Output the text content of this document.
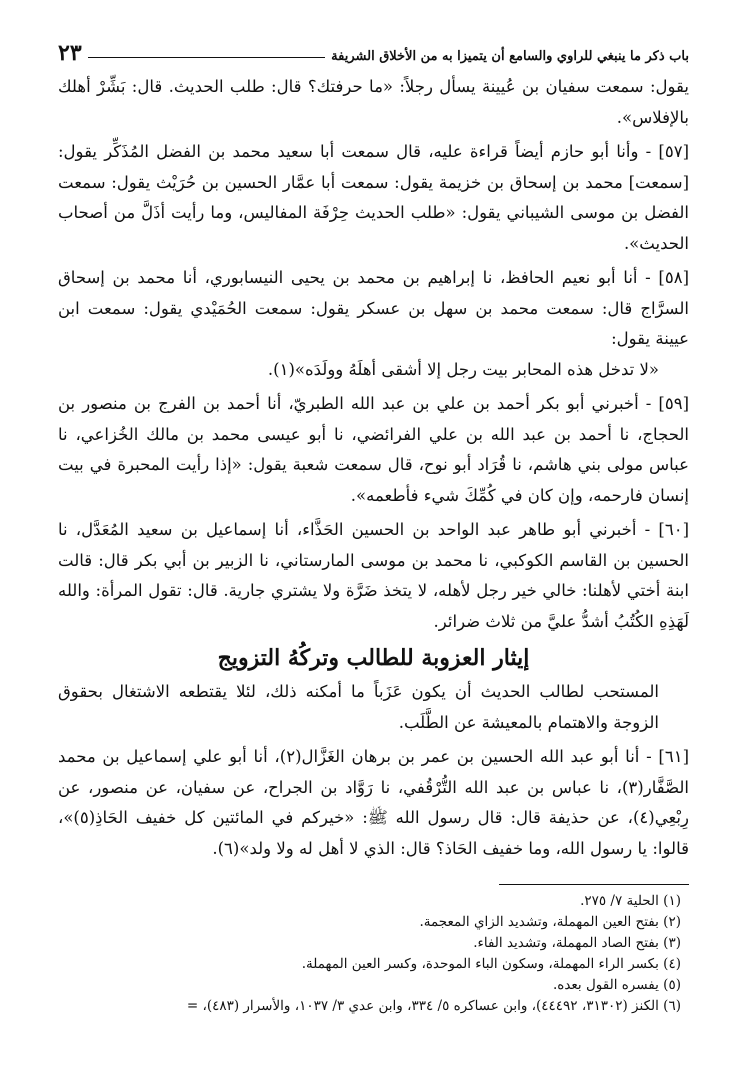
باب ذكر ما ينبغي للراوي والسامع أن يتميزا به من الأخلاق الشريفة
٢٣

يقول: سمعت سفيان بن عُيينة يسأل رجلاً: «ما حرفتك؟ قال: طلب الحديث. قال: بَشِّرْ أهلك بالإفلاس».

[٥٧] - وأنا أبو حازم أيضاً قراءة عليه، قال سمعت أبا سعيد محمد بن الفضل المُذَكِّر يقول: [سمعت] محمد بن إسحاق بن خزيمة يقول: سمعت أبا عمَّار الحسين بن حُرَيْث يقول: سمعت الفضل بن موسى الشيباني يقول: «طلب الحديث حِرْفَة المفاليس، وما رأيت أذَلَّ من أصحاب الحديث».

[٥٨] - أنا أبو نعيم الحافظ، نا إبراهيم بن محمد بن يحيى النيسابوري، أنا محمد بن إسحاق السرَّاج قال: سمعت محمد بن سهل بن عسكر يقول: سمعت الحُمَيْدي يقول: سمعت ابن عيينة يقول:

«لا تدخل هذه المحابر بيت رجل إلا أشقى أهلَهُ وولَدَه»(١).

[٥٩] - أخبرني أبو بكر أحمد بن علي بن عبد الله الطبريّ، أنا أحمد بن الفرج بن منصور بن الحجاج، نا أحمد بن عبد الله بن علي الفرائضي، نا أبو عيسى محمد بن مالك الخُزاعي، نا عباس مولى بني هاشم، نا قُرَاد أبو نوح، قال سمعت شعبة يقول: «إذا رأيت المحبرة في بيت إنسان فارحمه، وإن كان في كُمِّكَ شيء فأطعمه».

[٦٠] - أخبرني أبو طاهر عبد الواحد بن الحسين الحَذَّاء، أنا إسماعيل بن سعيد المُعَدَّل، نا الحسين بن القاسم الكوكبي، نا محمد بن موسى المارستاني، نا الزبير بن أبي بكر قال: قالت ابنة أختي لأهلنا: خالي خير رجل لأهله، لا يتخذ ضَرَّة ولا يشتري جارية. قال: تقول المرأة: والله لَهَذِهِ الكُتُبُ أشدُّ عليَّ من ثلاث ضرائر.

إيثار العزوبة للطالب وتركُهُ التزويج

المستحب لطالب الحديث أن يكون عَزَباً ما أمكنه ذلك، لئلا يقتطعه الاشتغال بحقوق الزوجة والاهتمام بالمعيشة عن الطَّلَب.

[٦١] - أنا أبو عبد الله الحسين بن عمر بن برهان الغَزَّال(٢)، أنا أبو علي إسماعيل بن محمد الصَّفَّار(٣)، نا عباس بن عبد الله التُّرْقُفي، نا رَوَّاد بن الجراح، عن سفيان، عن منصور، عن رِبْعِي(٤)، عن حذيفة قال: قال رسول الله ﷺ: «خيركم في المائتين كل خفيف الحَاذِ(٥)»، قالوا: يا رسول الله، وما خفيف الحَاذ؟ قال: الذي لا أهل له ولا ولد»(٦).

(١) الحلية ٧/ ٢٧٥.

(٢) بفتح العين المهملة، وتشديد الزاي المعجمة.

(٣) بفتح الصاد المهملة، وتشديد الفاء.

(٤) بكسر الراء المهملة، وسكون الباء الموحدة، وكسر العين المهملة.

(٥) يفسره القول بعده.

(٦) الكنز (٣١٣٠٢، ٤٤٤٩٢)، وابن عساكره ٥/ ٣٣٤، وابن عدي ٣/ ١٠٣٧، والأسرار (٤٨٣)، =
